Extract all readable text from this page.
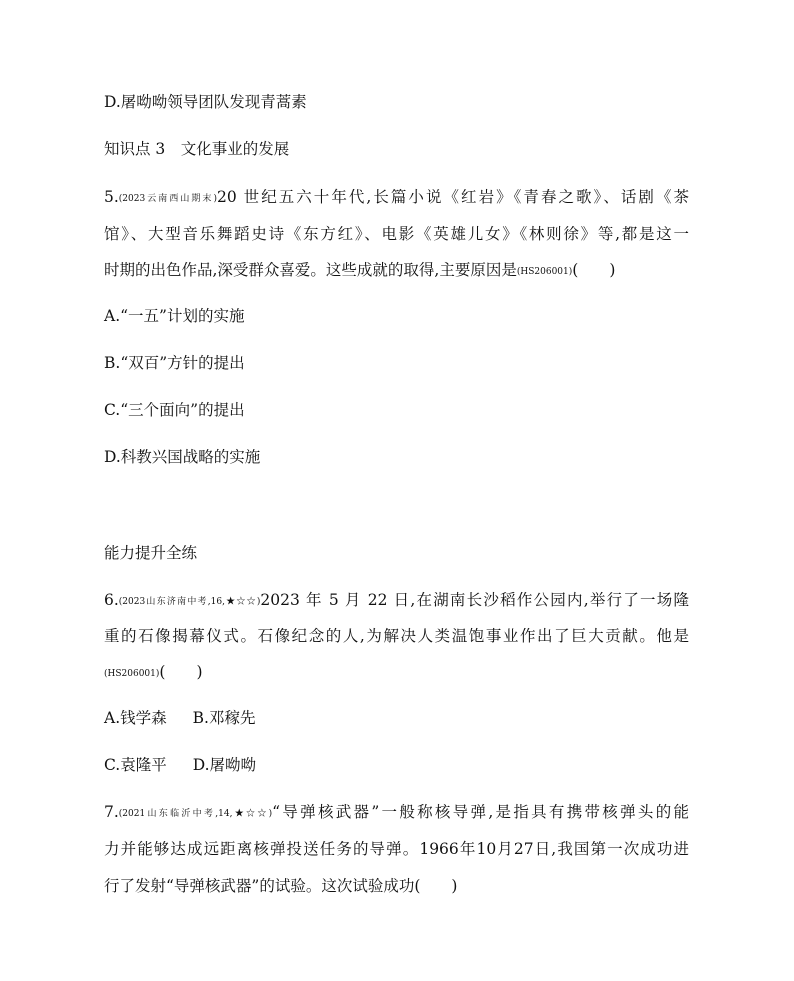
D.屠呦呦领导团队发现青蒿素
知识点 3　文化事业的发展
5.(2023云南西山期末)20 世纪五六十年代,长篇小说《红岩》《青春之歌》、话剧《茶
馆》、大型音乐舞蹈史诗《东方红》、电影《英雄儿女》《林则徐》等,都是这一
时期的出色作品,深受群众喜爱。这些成就的取得,主要原因是(HS206001)(　　)
A.“一五”计划的实施
B.“双百”方针的提出
C.“三个面向”的提出
D.科教兴国战略的实施
能力提升全练
6.(2023山东济南中考,16,★☆☆)2023 年 5 月 22 日,在湖南长沙稻作公园内,举行了一场隆
重的石像揭幕仪式。石像纪念的人,为解决人类温饱事业作出了巨大贡献。他是
(HS206001)(　　)
A.钱学森 B.邓稼先
C.袁隆平 D.屠呦呦
7.(2021山东临沂中考,14,★☆☆)“导弹核武器”一般称核导弹,是指具有携带核弹头的能
力并能够达成远距离核弹投送任务的导弹。1966年10月27日,我国第一次成功进
行了发射“导弹核武器”的试验。这次试验成功(　　)
